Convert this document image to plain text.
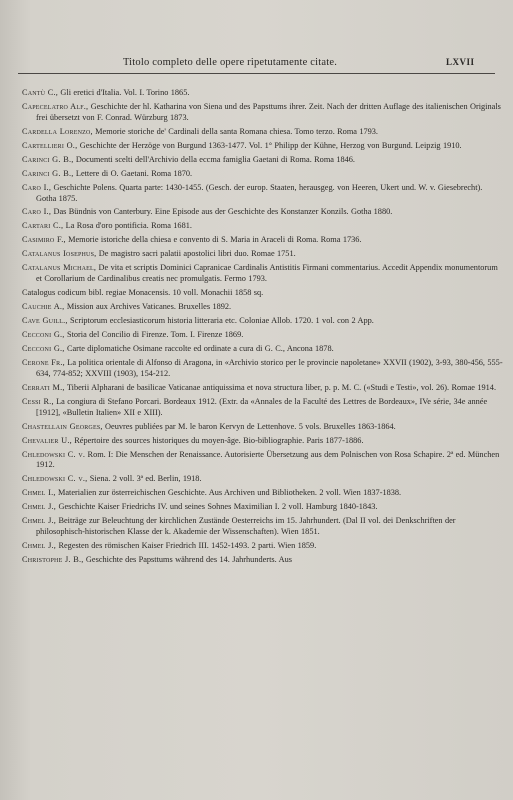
Titolo completo delle opere ripetutamente citate.	LXVII
Cantù C., Gli eretici d'Italia. Vol. I. Torino 1865.
Capecelatro Alf., Geschichte der hl. Katharina von Siena und des Papsttums ihrer. Zeit. Nach der dritten Auflage des italienischen Originals frei übersetzt von F. Conrad. Würzburg 1873.
Cardella Lorenzo, Memorie storiche de' Cardinali della santa Romana chiesa. Tomo terzo. Roma 1793.
Cartellieri O., Geschichte der Herzöge von Burgund 1363-1477. Vol. 1° Philipp der Kühne, Herzog von Burgund. Leipzig 1910.
Carinci G. B., Documenti scelti dell'Archivio della eccma famiglia Gaetani di Roma. Roma 1846.
Carinci G. B., Lettere di O. Gaetani. Roma 1870.
Caro I., Geschichte Polens. Quarta parte: 1430-1455. (Gesch. der europ. Staaten, herausgeg. von Heeren, Ukert und. W. v. Giesebrecht). Gotha 1875.
Caro I., Das Bündnis von Canterbury. Eine Episode aus der Geschichte des Konstanzer Konzils. Gotha 1880.
Cartari C., La Rosa d'oro pontificia. Roma 1681.
Casimiro F., Memorie istoriche della chiesa e convento di S. Maria in Araceli di Roma. Roma 1736.
Catalanus Iosephus, De magistro sacri palatii apostolici libri duo. Romae 1751.
Catalanus Michael, De vita et scriptis Dominici Capranicae Cardinalis Antistitis Firmani commentarius. Accedit Appendix monumentorum et Corollarium de Cardinalibus creatis nec promulgatis. Fermo 1793.
Catalogus codicum bibl. regiae Monacensis. 10 voll. Monachii 1858 sq.
Cauchie A., Mission aux Archives Vaticanes. Bruxelles 1892.
Cave Guill., Scriptorum ecclesiasticorum historia litteraria etc. Coloniae Allob. 1720. 1 vol. con 2 App.
Cecconi G., Storia del Concilio di Firenze. Tom. I. Firenze 1869.
Cecconi G., Carte diplomatiche Osimane raccolte ed ordinate a cura di G. C., Ancona 1878.
Cerone Fr., La politica orientale di Alfonso di Aragona, in «Archivio storico per le provincie napoletane» XXVII (1902), 3-93, 380-456, 555-634, 774-852; XXVIII (1903), 154-212.
Cerrati M., Tiberii Alpharani de basilicae Vaticanae antiquissima et nova structura liber, p. p. M. C. («Studi e Testi», vol. 26). Romae 1914.
Cessi R., La congiura di Stefano Porcari. Bordeaux 1912. (Extr. da «Annales de la Faculté des Lettres de Bordeaux», IVe série, 34e année [1912], «Bulletin Italien» XII e XIII).
Chastellain Georges, Oeuvres publiées par M. le baron Kervyn de Lettenhove. 5 vols. Bruxelles 1863-1864.
Chevalier U., Répertoire des sources historiques du moyen-âge. Bio-bibliographie. Paris 1877-1886.
Chledowski C. v. Rom. I: Die Menschen der Renaissance. Autorisierte Übersetzung aus dem Polnischen von Rosa Schapire. 2ª ed. München 1912.
Chledowski C. v., Siena. 2 voll. 3ª ed. Berlin, 1918.
Chmel I., Materialien zur österreichischen Geschichte. Aus Archiven und Bibliotheken. 2 voll. Wien 1837-1838.
Chmel J., Geschichte Kaiser Friedrichs IV. und seines Sohnes Maximilian I. 2 voll. Hamburg 1840-1843.
Chmel J., Beiträge zur Beleuchtung der kirchlichen Zustände Oesterreichs im 15. Jahrhundert. (Dal II vol. dei Denkschriften der philosophisch-historischen Klasse der k. Akademie der Wissenschaften). Wien 1851.
Chmel J., Regesten des römischen Kaiser Friedrich III. 1452-1493. 2 parti. Wien 1859.
Christophe J. B., Geschichte des Papsttums während des 14. Jahrhunderts. Aus
